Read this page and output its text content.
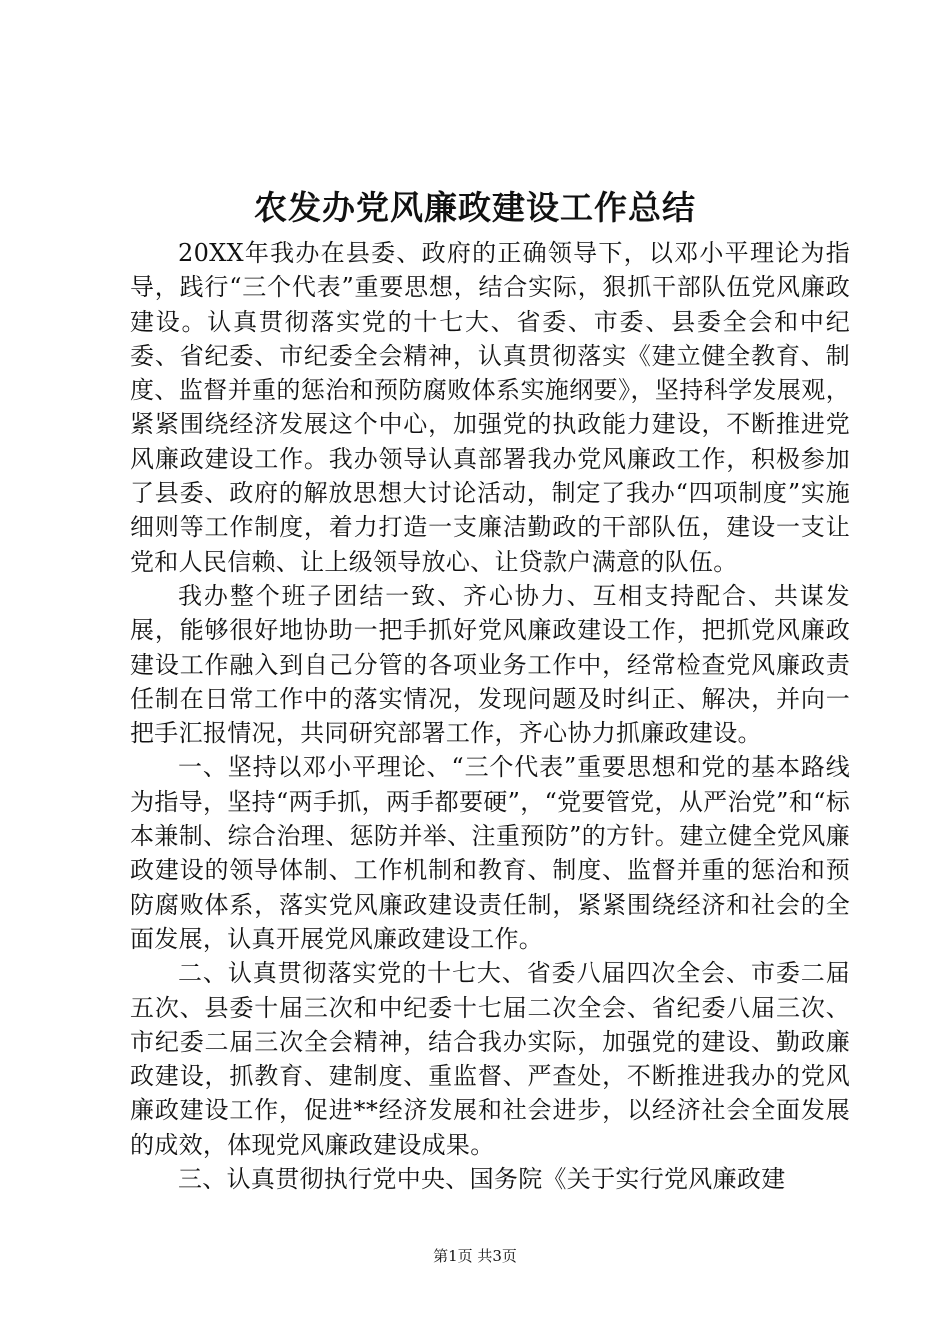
农发办党风廉政建设工作总结

20XX年我办在县委、政府的正确领导下，以邓小平理论为指导，践行“三个代表”重要思想，结合实际，狠抓干部队伍党风廉政建设。认真贯彻落实党的十七大、省委、市委、县委全会和中纪委、省纪委、市纪委全会精神，认真贯彻落实《建立健全教育、制度、监督并重的惩治和预防腐败体系实施纲要》，坚持科学发展观，紧紧围绕经济发展这个中心，加强党的执政能力建设，不断推进党风廉政建设工作。我办领导认真部署我办党风廉政工作，积极参加了县委、政府的解放思想大讨论活动，制定了我办“四项制度”实施细则等工作制度，着力打造一支廉洁勤政的干部队伍，建设一支让党和人民信赖、让上级领导放心、让贷款户满意的队伍。

我办整个班子团结一致、齐心协力、互相支持配合、共谋发展，能够很好地协助一把手抓好党风廉政建设工作，把抓党风廉政建设工作融入到自己分管的各项业务工作中，经常检查党风廉政责任制在日常工作中的落实情况，发现问题及时纠正、解决，并向一把手汇报情况，共同研究部署工作，齐心协力抓廉政建设。

一、坚持以邓小平理论、“三个代表”重要思想和党的基本路线为指导，坚持“两手抓，两手都要硬”，“党要管党，从严治党”和“标本兼制、综合治理、惩防并举、注重预防”的方针。建立健全党风廉政建设的领导体制、工作机制和教育、制度、监督并重的惩治和预防腐败体系，落实党风廉政建设责任制，紧紧围绕经济和社会的全面发展，认真开展党风廉政建设工作。

二、认真贯彻落实党的十七大、省委八届四次全会、市委二届五次、县委十届三次和中纪委十七届二次全会、省纪委八届三次、市纪委二届三次全会精神，结合我办实际，加强党的建设、勤政廉政建设，抓教育、建制度、重监督、严查处，不断推进我办的党风廉政建设工作，促进**经济发展和社会进步，以经济社会全面发展的成效，体现党风廉政建设成果。

三、认真贯彻执行党中央、国务院《关于实行党风廉政建

第1页 共3页
